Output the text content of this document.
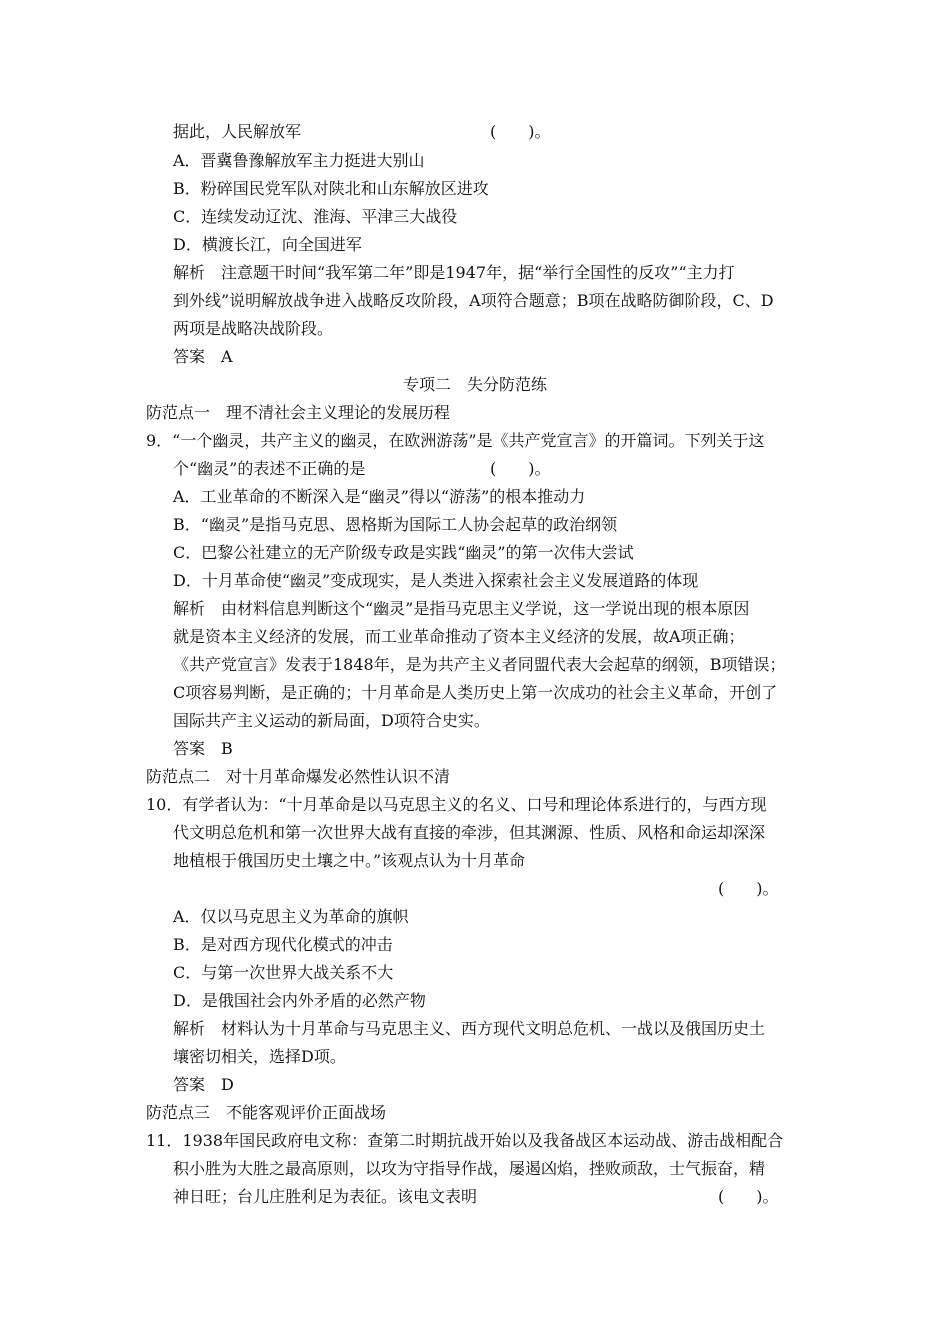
据此，人民解放军	(　　)。
A．晋冀鲁豫解放军主力挺进大别山
B．粉碎国民党军队对陕北和山东解放区进攻
C．连续发动辽沈、淮海、平津三大战役
D．横渡长江，向全国进军
解析　注意题干时间“我军第二年”即是1947年，据“举行全国性的反攻”“主力打
到外线”说明解放战争进入战略反攻阶段，A项符合题意；B项在战略防御阶段，C、D
两项是战略决战阶段。
答案　A
专项二　失分防范练
防范点一　理不清社会主义理论的发展历程
9．“一个幽灵，共产主义的幽灵，在欧洲游荡”是《共产党宣言》的开篇词。下列关于这
个“幽灵”的表述不正确的是	(　　)。
A．工业革命的不断深入是“幽灵”得以“游荡”的根本推动力
B．“幽灵”是指马克思、恩格斯为国际工人协会起草的政治纲领
C．巴黎公社建立的无产阶级专政是实践“幽灵”的第一次伟大尝试
D．十月革命使“幽灵”变成现实，是人类进入探索社会主义发展道路的体现
解析　由材料信息判断这个“幽灵”是指马克思主义学说，这一学说出现的根本原因
就是资本主义经济的发展，而工业革命推动了资本主义经济的发展，故A项正确；
《共产党宣言》发表于1848年，是为共产主义者同盟代表大会起草的纲领，B项错误；
C项容易判断，是正确的；十月革命是人类历史上第一次成功的社会主义革命，开创了
国际共产主义运动的新局面，D项符合史实。
答案　B
防范点二　对十月革命爆发必然性认识不清
10．有学者认为：“十月革命是以马克思主义的名义、口号和理论体系进行的，与西方现
代文明总危机和第一次世界大战有直接的牵涉，但其渊源、性质、风格和命运却深深
地植根于俄国历史土壤之中。”该观点认为十月革命
(　　)。
A．仅以马克思主义为革命的旗帜
B．是对西方现代化模式的冲击
C．与第一次世界大战关系不大
D．是俄国社会内外矛盾的必然产物
解析　材料认为十月革命与马克思主义、西方现代文明总危机、一战以及俄国历史土
壤密切相关，选择D项。
答案　D
防范点三　不能客观评价正面战场
11．1938年国民政府电文称：查第二时期抗战开始以及我备战区本运动战、游击战相配合
积小胜为大胜之最高原则，以攻为守指导作战，屡遏凶焰，挫败顽敌，士气振奋，精
神日旺；台儿庄胜利足为表征。该电文表明	(　　)。
